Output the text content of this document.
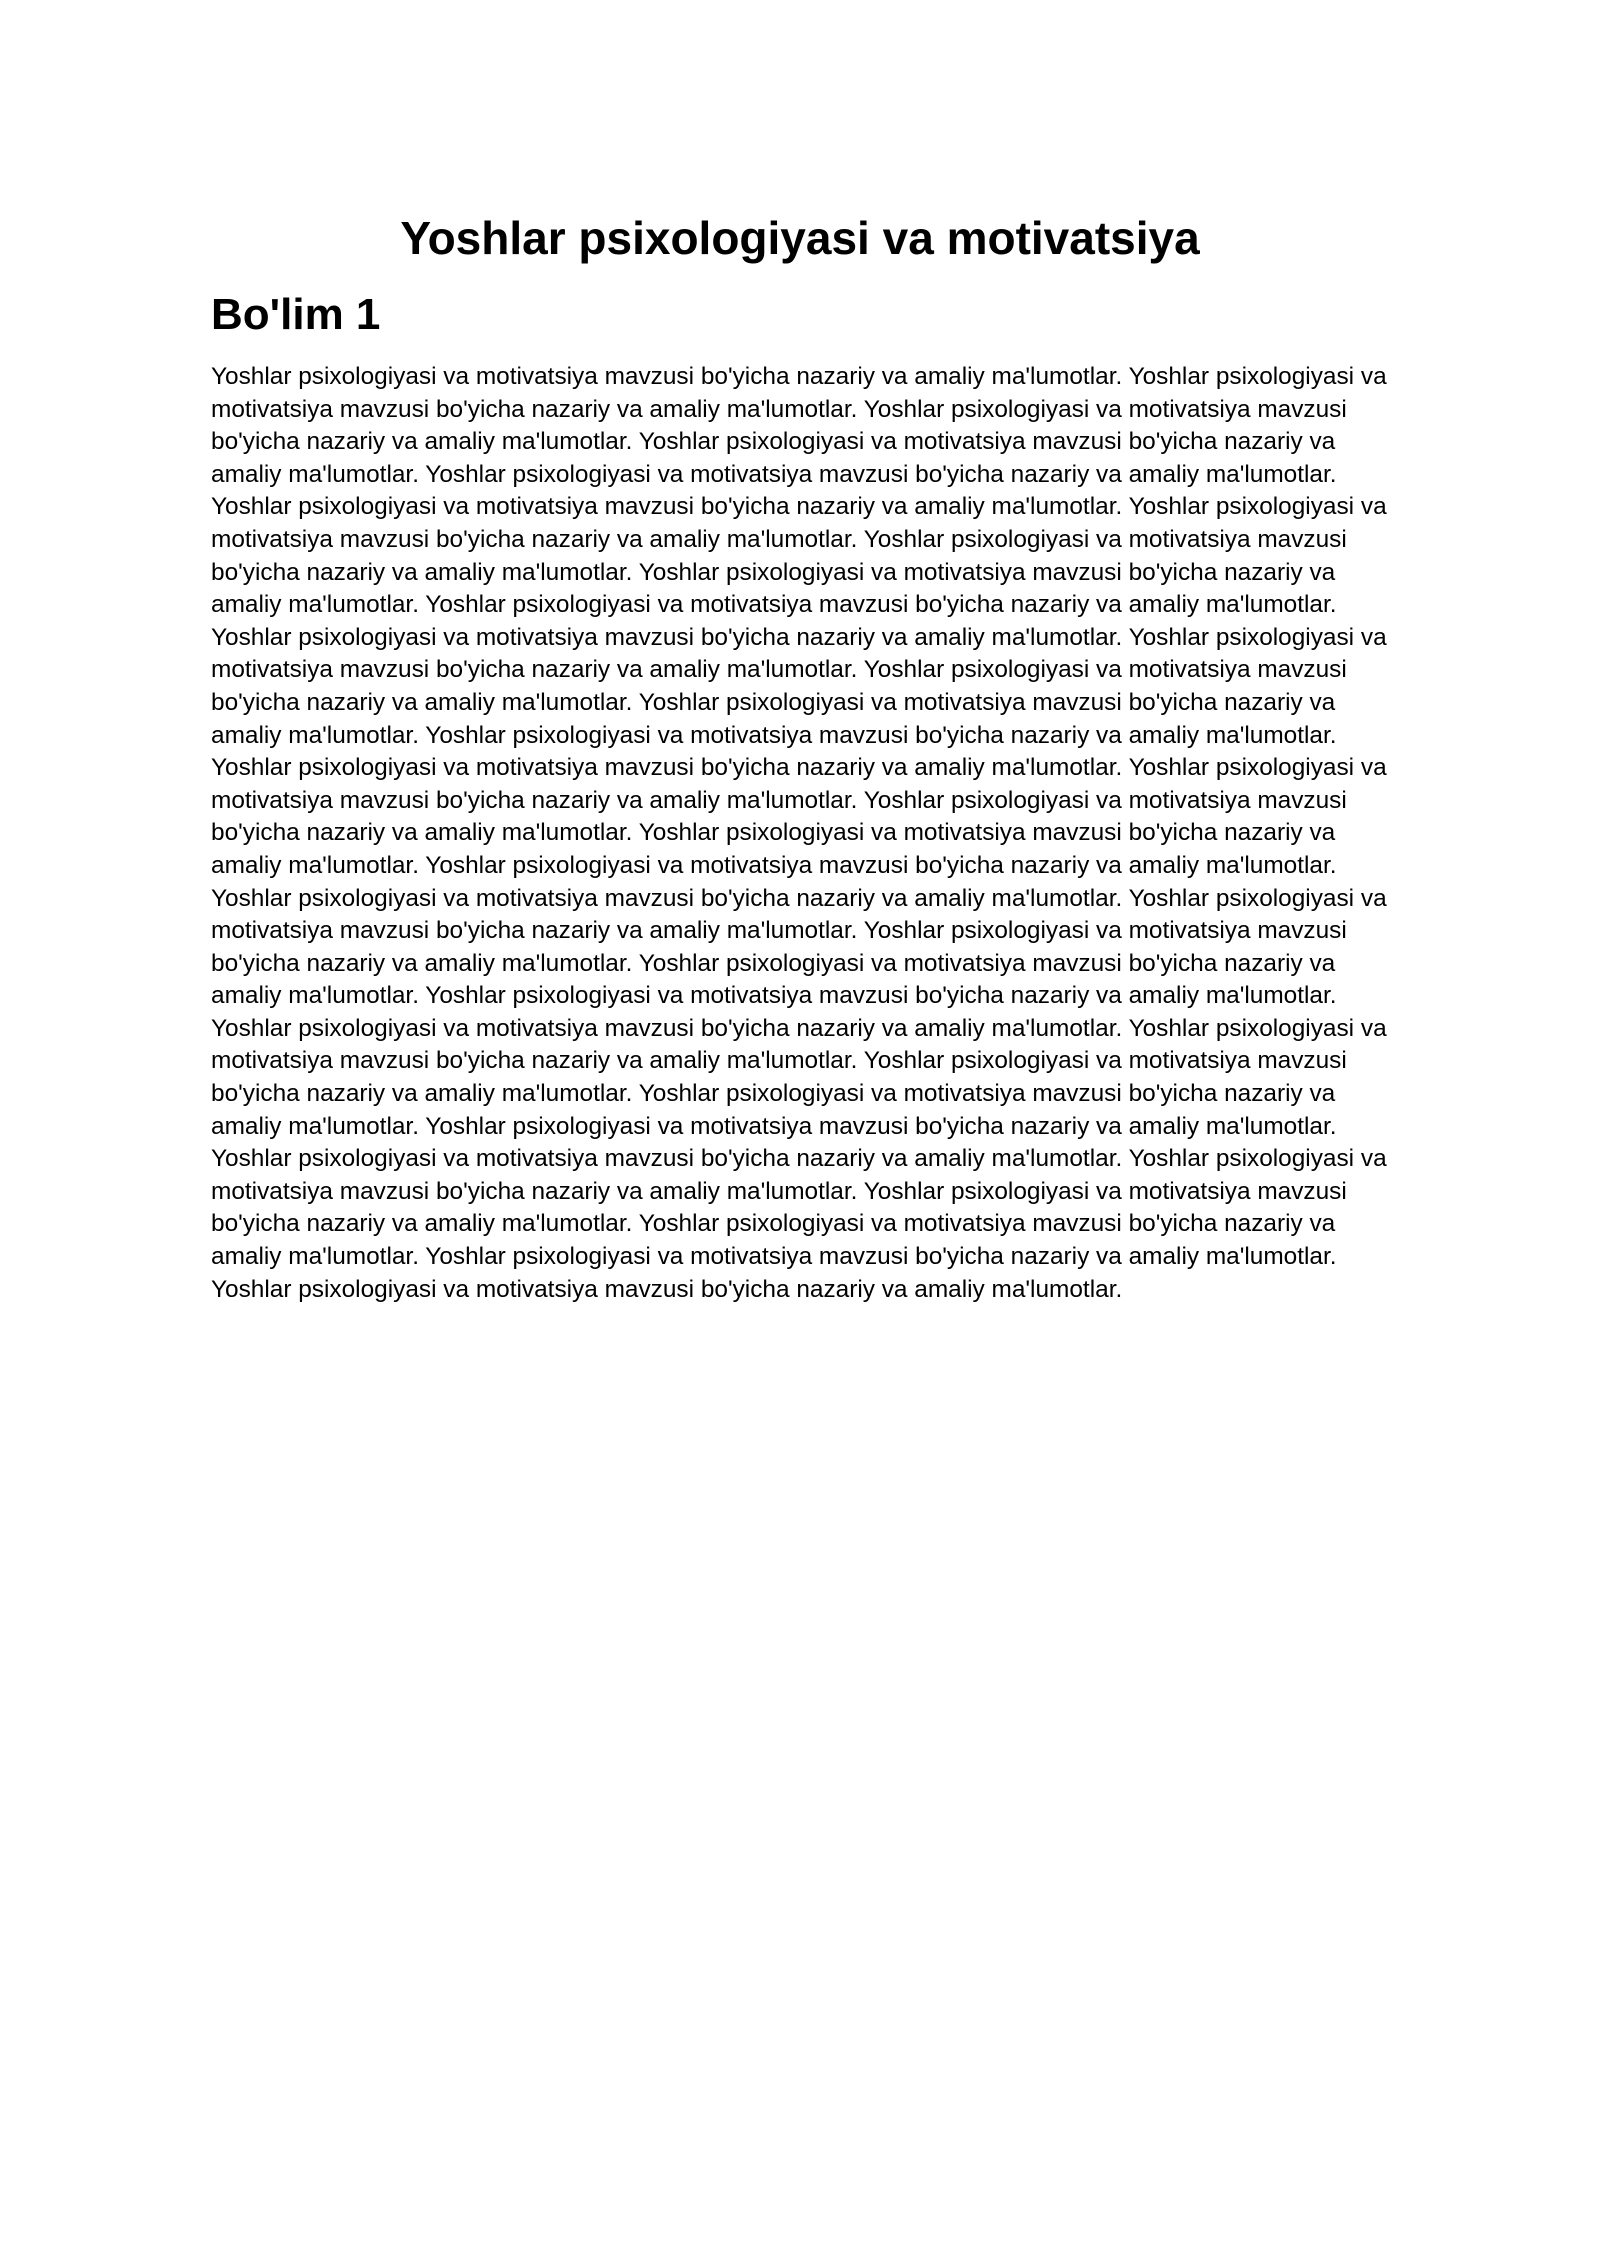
Yoshlar psixologiyasi va motivatsiya
Bo'lim 1

Yoshlar psixologiyasi va motivatsiya mavzusi bo'yicha nazariy va amaliy ma'lumotlar. Yoshlar psixologiyasi va motivatsiya mavzusi bo'yicha nazariy va amaliy ma'lumotlar. Yoshlar psixologiyasi va motivatsiya mavzusi bo'yicha nazariy va amaliy ma'lumotlar. Yoshlar psixologiyasi va motivatsiya mavzusi bo'yicha nazariy va amaliy ma'lumotlar. Yoshlar psixologiyasi va motivatsiya mavzusi bo'yicha nazariy va amaliy ma'lumotlar. Yoshlar psixologiyasi va motivatsiya mavzusi bo'yicha nazariy va amaliy ma'lumotlar. Yoshlar psixologiyasi va motivatsiya mavzusi bo'yicha nazariy va amaliy ma'lumotlar. Yoshlar psixologiyasi va motivatsiya mavzusi bo'yicha nazariy va amaliy ma'lumotlar. Yoshlar psixologiyasi va motivatsiya mavzusi bo'yicha nazariy va amaliy ma'lumotlar. Yoshlar psixologiyasi va motivatsiya mavzusi bo'yicha nazariy va amaliy ma'lumotlar. Yoshlar psixologiyasi va motivatsiya mavzusi bo'yicha nazariy va amaliy ma'lumotlar. Yoshlar psixologiyasi va motivatsiya mavzusi bo'yicha nazariy va amaliy ma'lumotlar. Yoshlar psixologiyasi va motivatsiya mavzusi bo'yicha nazariy va amaliy ma'lumotlar. Yoshlar psixologiyasi va motivatsiya mavzusi bo'yicha nazariy va amaliy ma'lumotlar. Yoshlar psixologiyasi va motivatsiya mavzusi bo'yicha nazariy va amaliy ma'lumotlar. Yoshlar psixologiyasi va motivatsiya mavzusi bo'yicha nazariy va amaliy ma'lumotlar. Yoshlar psixologiyasi va motivatsiya mavzusi bo'yicha nazariy va amaliy ma'lumotlar. Yoshlar psixologiyasi va motivatsiya mavzusi bo'yicha nazariy va amaliy ma'lumotlar. Yoshlar psixologiyasi va motivatsiya mavzusi bo'yicha nazariy va amaliy ma'lumotlar. Yoshlar psixologiyasi va motivatsiya mavzusi bo'yicha nazariy va amaliy ma'lumotlar. Yoshlar psixologiyasi va motivatsiya mavzusi bo'yicha nazariy va amaliy ma'lumotlar. Yoshlar psixologiyasi va motivatsiya mavzusi bo'yicha nazariy va amaliy ma'lumotlar. Yoshlar psixologiyasi va motivatsiya mavzusi bo'yicha nazariy va amaliy ma'lumotlar. Yoshlar psixologiyasi va motivatsiya mavzusi bo'yicha nazariy va amaliy ma'lumotlar. Yoshlar psixologiyasi va motivatsiya mavzusi bo'yicha nazariy va amaliy ma'lumotlar. Yoshlar psixologiyasi va motivatsiya mavzusi bo'yicha nazariy va amaliy ma'lumotlar. Yoshlar psixologiyasi va motivatsiya mavzusi bo'yicha nazariy va amaliy ma'lumotlar. Yoshlar psixologiyasi va motivatsiya mavzusi bo'yicha nazariy va amaliy ma'lumotlar. Yoshlar psixologiyasi va motivatsiya mavzusi bo'yicha nazariy va amaliy ma'lumotlar. Yoshlar psixologiyasi va motivatsiya mavzusi bo'yicha nazariy va amaliy ma'lumotlar. Yoshlar psixologiyasi va motivatsiya mavzusi bo'yicha nazariy va amaliy ma'lumotlar. Yoshlar psixologiyasi va motivatsiya mavzusi bo'yicha nazariy va amaliy ma'lumotlar. Yoshlar psixologiyasi va motivatsiya mavzusi bo'yicha nazariy va amaliy ma'lumotlar. Yoshlar psixologiyasi va motivatsiya mavzusi bo'yicha nazariy va amaliy ma'lumotlar. Yoshlar psixologiyasi va motivatsiya mavzusi bo'yicha nazariy va amaliy ma'lumotlar. Yoshlar psixologiyasi va motivatsiya mavzusi bo'yicha nazariy va amaliy ma'lumotlar.
